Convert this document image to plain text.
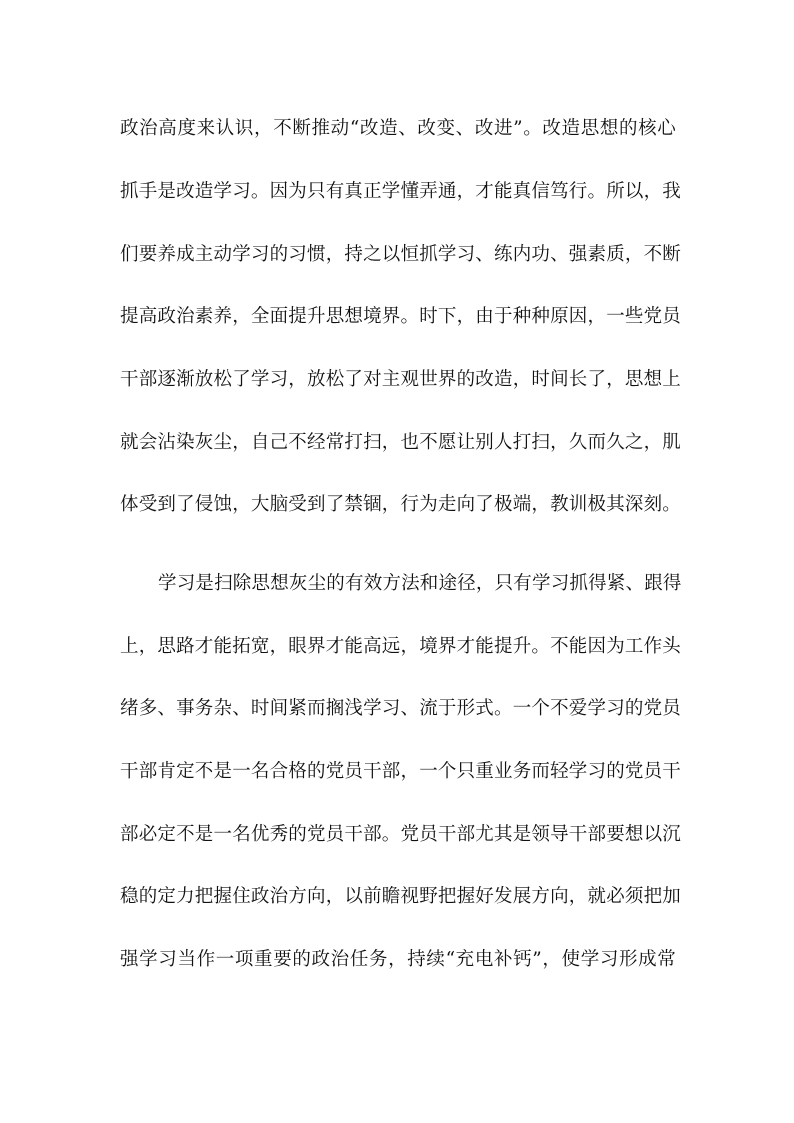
政治高度来认识，不断推动“改造、改变、改进”。改造思想的核心
抓手是改造学习。因为只有真正学懂弄通，才能真信笃行。所以，我
们要养成主动学习的习惯，持之以恒抓学习、练内功、强素质，不断
提高政治素养，全面提升思想境界。时下，由于种种原因，一些党员
干部逐渐放松了学习，放松了对主观世界的改造，时间长了，思想上
就会沾染灰尘，自己不经常打扫，也不愿让别人打扫，久而久之，肌
体受到了侵蚀，大脑受到了禁锢，行为走向了极端，教训极其深刻。
学习是扫除思想灰尘的有效方法和途径，只有学习抓得紧、跟得
上，思路才能拓宽，眼界才能高远，境界才能提升。不能因为工作头
绪多、事务杂、时间紧而搁浅学习、流于形式。一个不爱学习的党员
干部肯定不是一名合格的党员干部，一个只重业务而轻学习的党员干
部必定不是一名优秀的党员干部。党员干部尤其是领导干部要想以沉
稳的定力把握住政治方向，以前瞻视野把握好发展方向，就必须把加
强学习当作一项重要的政治任务，持续“充电补钙”，使学习形成常
